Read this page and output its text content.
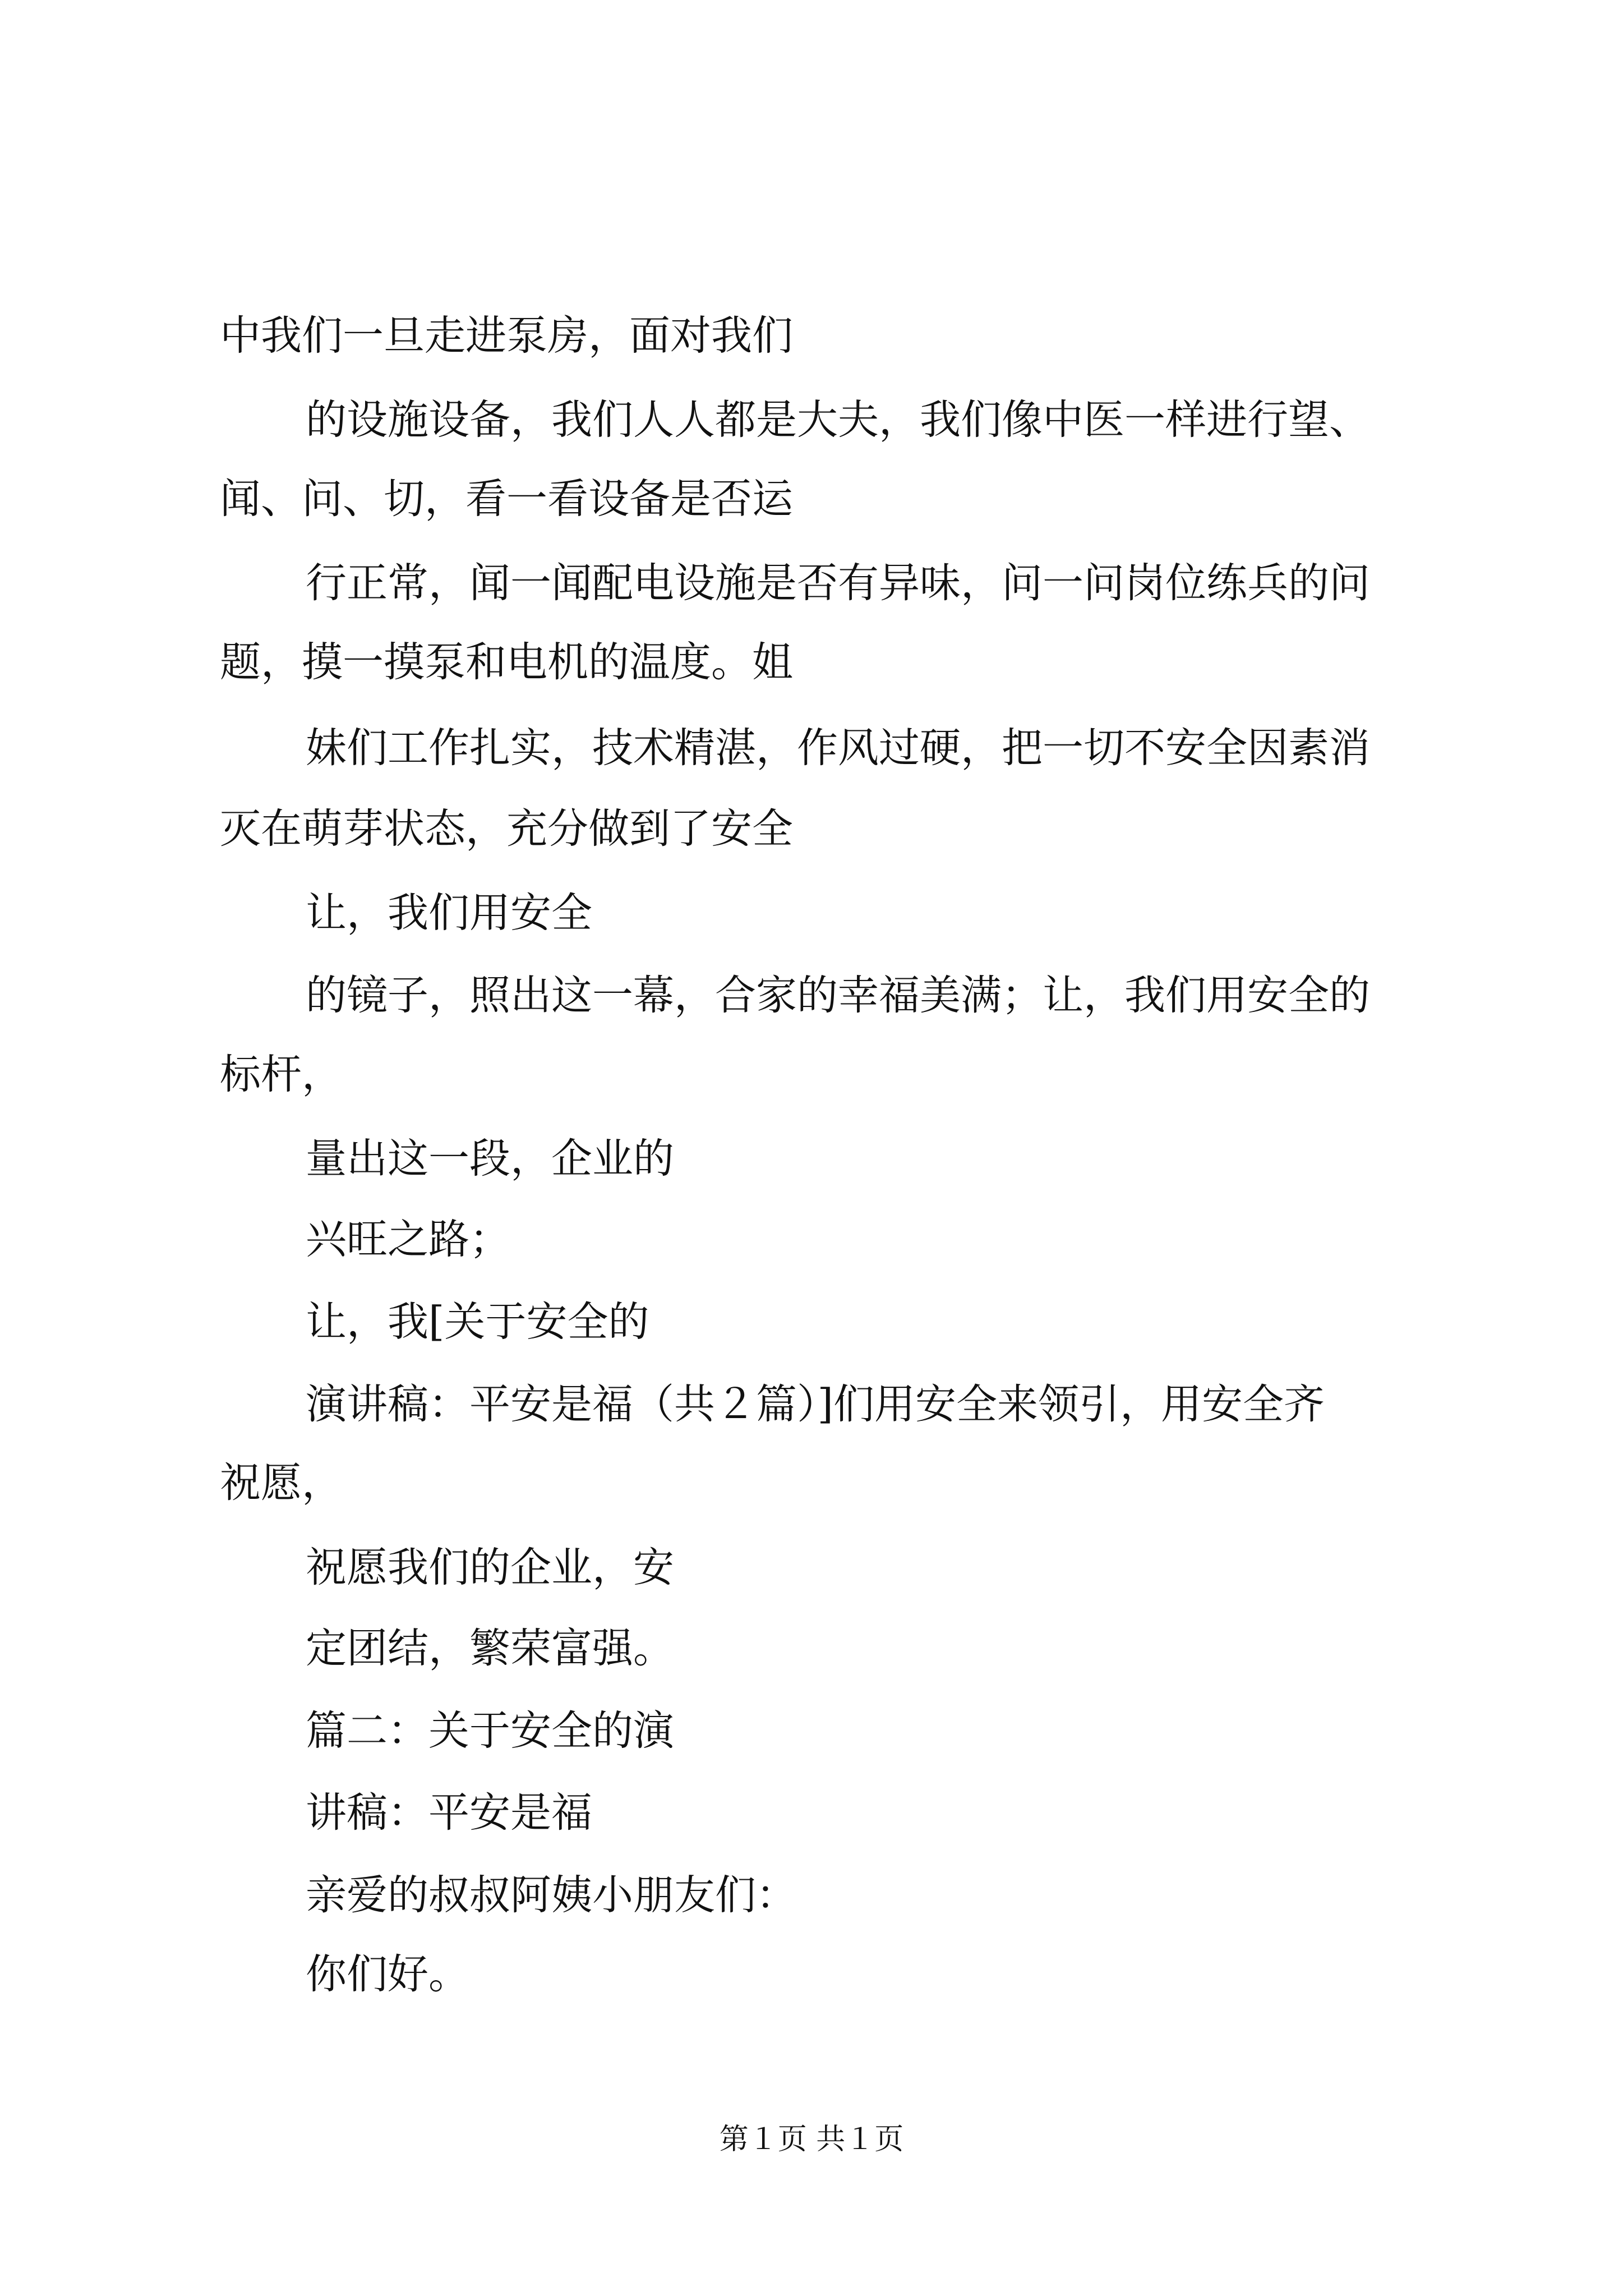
中我们一旦走进泵房，面对我们
的设施设备，我们人人都是大夫，我们像中医一样进行望、
闻、问、切，看一看设备是否运
行正常，闻一闻配电设施是否有异味，问一问岗位练兵的问
题，摸一摸泵和电机的温度。姐
妹们工作扎实，技术精湛，作风过硬，把一切不安全因素消
灭在萌芽状态，充分做到了安全
让，我们用安全
的镜子，照出这一幕，合家的幸福美满；让，我们用安全的
标杆，
量出这一段，企业的
兴旺之路；
让，我[关于安全的
演讲稿：平安是福（共２篇）]们用安全来领引，用安全齐
祝愿，
祝愿我们的企业，安
定团结，繁荣富强。
篇二：关于安全的演
讲稿：平安是福
亲爱的叔叔阿姨小朋友们：
你们好。
第１页 共１页
